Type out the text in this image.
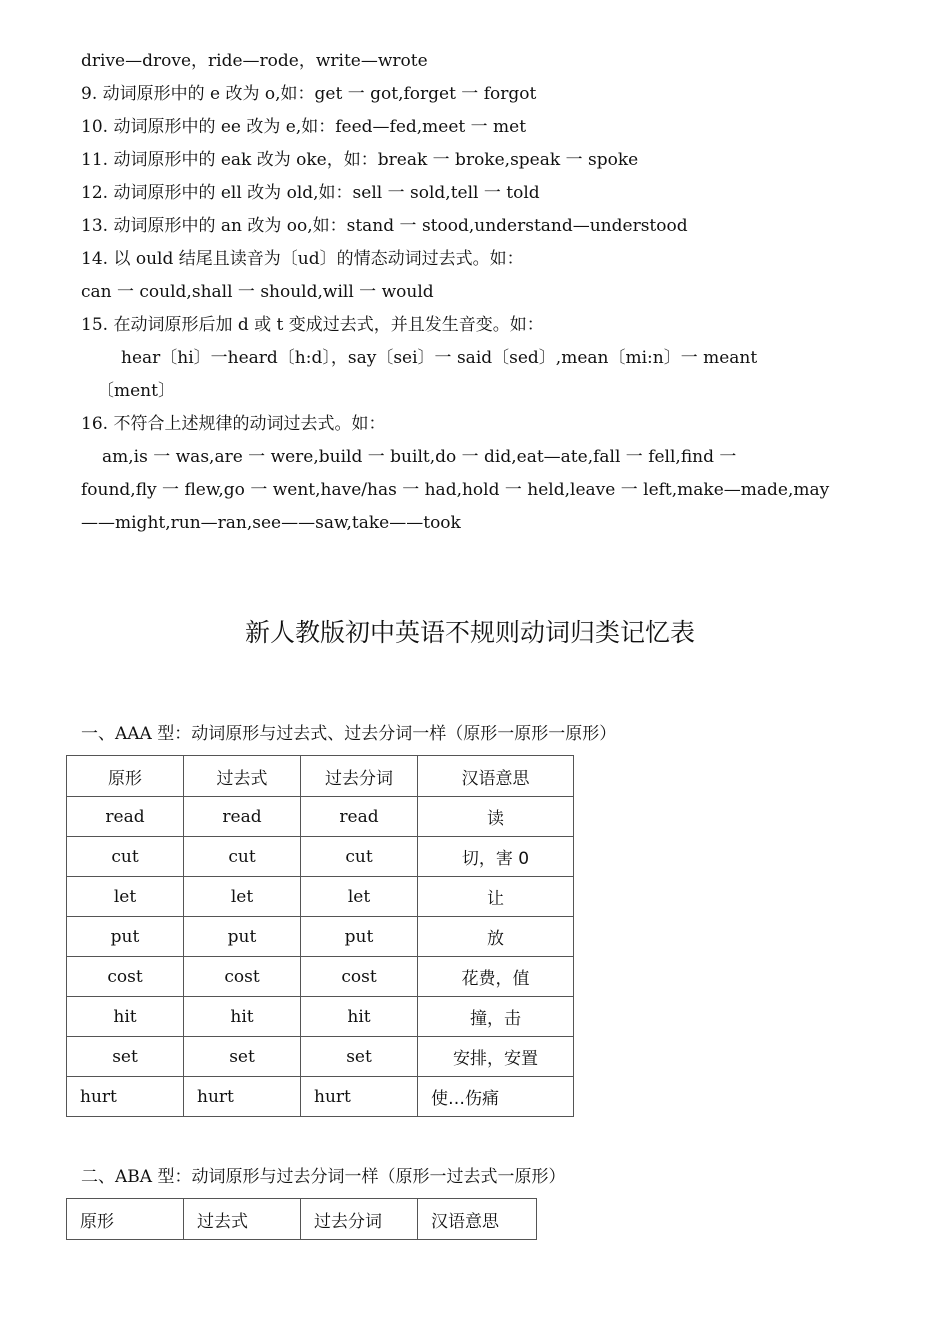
drive—drove，ride—rode，write—wrote
9. 动词原形中的 e 改为 o,如：get 一 got,forget 一 forgot
10. 动词原形中的 ee 改为 e,如：feed—fed,meet 一 met
11. 动词原形中的 eak 改为 oke，如：break 一 broke,speak 一 spoke
12. 动词原形中的 ell 改为 old,如：sell 一 sold,tell 一 told
13. 动词原形中的 an 改为 oo,如：stand 一 stood,understand—understood
14. 以 ould 结尾且读音为〔ud〕的情态动词过去式。如：
can 一 could,shall 一 should,will 一 would
15. 在动词原形后加 d 或 t 变成过去式，并且发生音变。如：
hear〔hi〕一heard〔h:d〕，say〔sei〕一 said〔sed〕,mean〔mi:n〕一 meant
〔ment〕
16. 不符合上述规律的动词过去式。如：
am,is 一 was,are 一 were,build 一 built,do 一 did,eat—ate,fall 一 fell,find 一
found,fly 一 flew,go 一 went,have/has 一 had,hold 一 held,leave 一 left,make—made,may
——might,run—ran,see——saw,take——took
新人教版初中英语不规则动词归类记忆表
一、AAA 型：动词原形与过去式、过去分词一样（原形一原形一原形）
原形	过去式	过去分词	汉语意思
read	read	read	读
cut	cut	cut	切，害 0
let	let	let	让
put	put	put	放
cost	cost	cost	花费，值
hit	hit	hit	撞，击
set	set	set	安排，安置
hurt	hurt	hurt	使…伤痛
二、ABA 型：动词原形与过去分词一样（原形一过去式一原形）
原形	过去式	过去分词	汉语意思
